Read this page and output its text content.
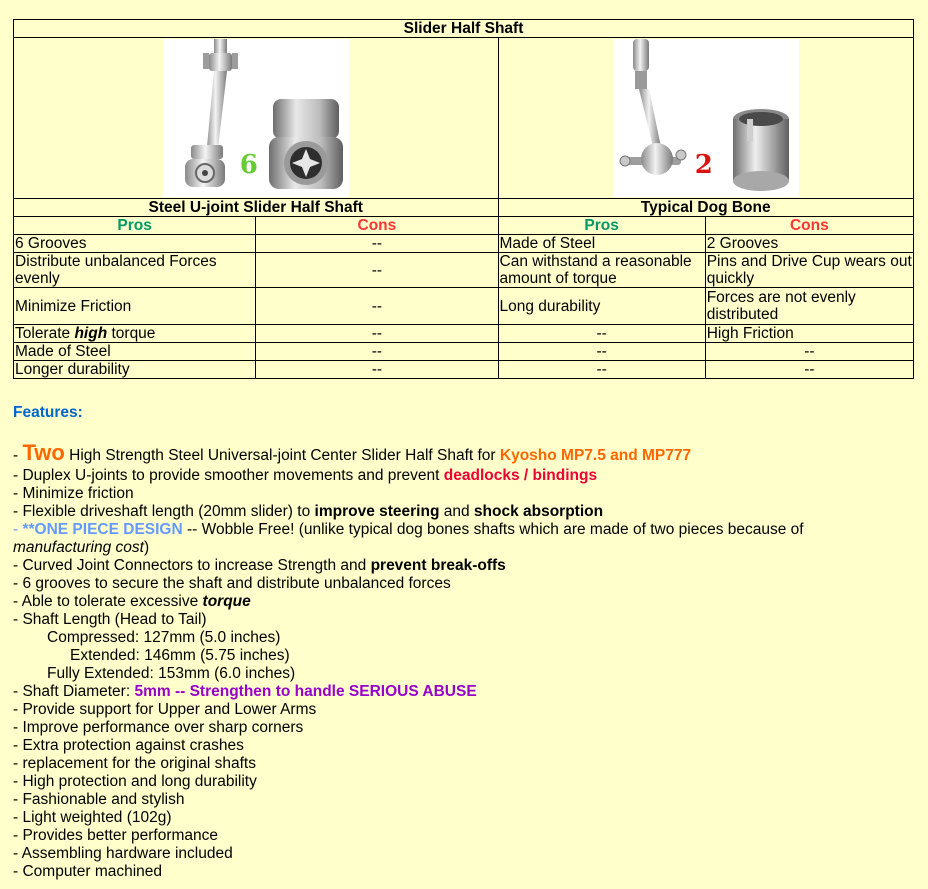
Slider Half Shaft			

6		2	

Steel U-joint Slider Half Shaft		Typical Dog Bone	
Pros	Cons	Pros	Cons
6 Grooves	--	Made of Steel	2 Grooves
Distribute unbalanced Forces evenly	--	Can withstand a reasonable amount of torque	Pins and Drive Cup wears out quickly
Minimize Friction	--	Long durability	Forces are not evenly distributed
Tolerate high torque	--	--	High Friction
Made of Steel	--	--	--
Longer durability	--	--	--
Features:
- Two High Strength Steel Universal-joint Center Slider Half Shaft for Kyosho MP7.5 and MP777
- Duplex U-joints to provide smoother movements and prevent deadlocks / bindings
- Minimize friction
- Flexible driveshaft length (20mm slider) to improve steering and shock absorption
- **ONE PIECE DESIGN -- Wobble Free! (unlike typical dog bones shafts which are made of two pieces because of
manufacturing cost)
- Curved Joint Connectors to increase Strength and prevent break-offs
- 6 grooves to secure the shaft and distribute unbalanced forces
- Able to tolerate excessive torque
- Shaft Length (Head to Tail)
Compressed: 127mm (5.0 inches)
Extended: 146mm (5.75 inches)
Fully Extended: 153mm (6.0 inches)
- Shaft Diameter: 5mm -- Strengthen to handle SERIOUS ABUSE
- Provide support for Upper and Lower Arms
- Improve performance over sharp corners
- Extra protection against crashes
- replacement for the original shafts
- High protection and long durability
- Fashionable and stylish
- Light weighted (102g)
- Provides better performance
- Assembling hardware included
- Computer machined
